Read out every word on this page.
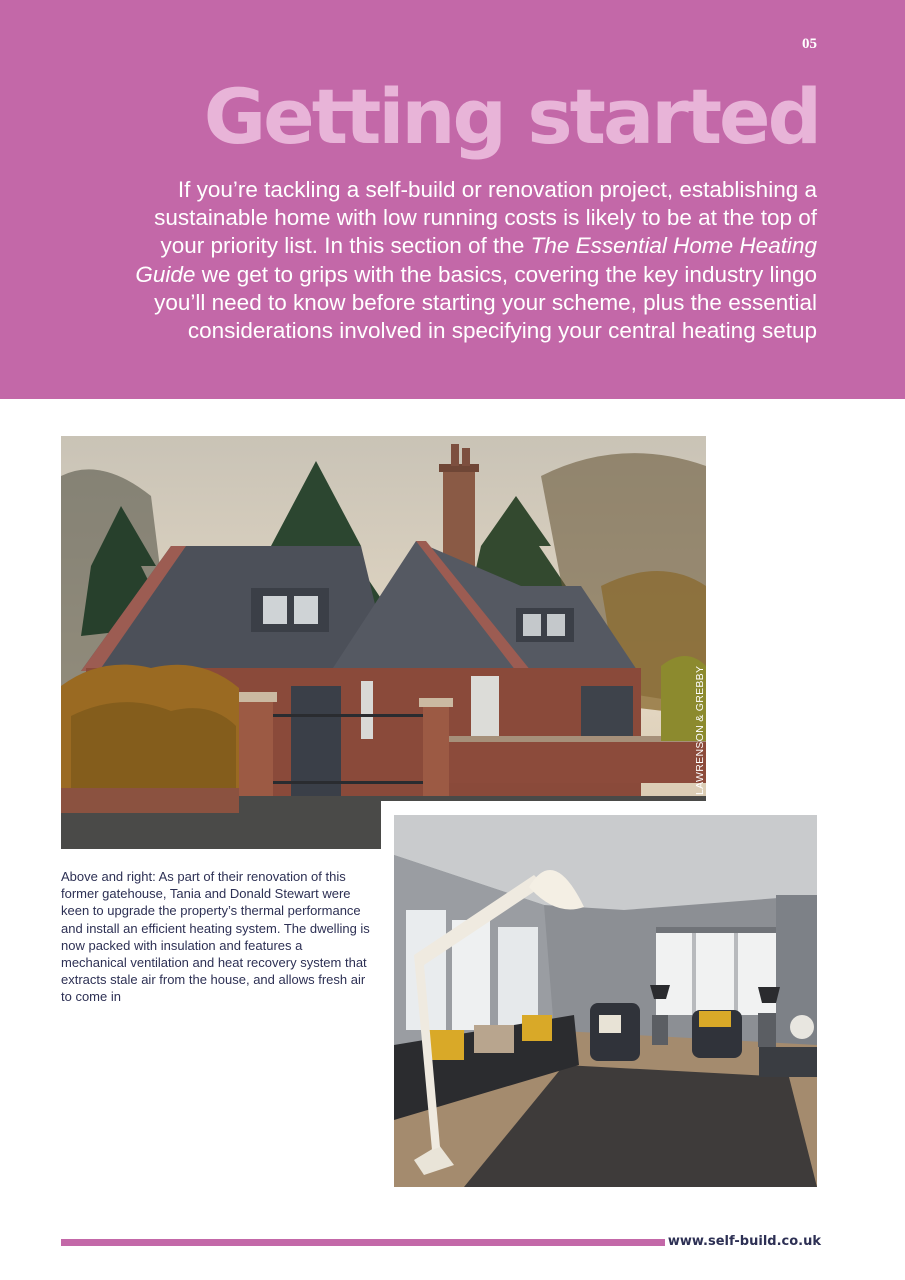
05
Getting started
If you’re tackling a self-build or renovation project, establishing a sustainable home with low running costs is likely to be at the top of your priority list. In this section of the The Essential Home Heating Guide we get to grips with the basics, covering the key industry lingo you’ll need to know before starting your scheme, plus the essential considerations involved in specifying your central heating setup
LAWRENSON & GREBBY
Above and right: As part of their renovation of this former gatehouse, Tania and Donald Stewart were keen to upgrade the property’s thermal performance and install an efficient heating system. The dwelling is now packed with insulation and features a mechanical ventilation and heat recovery system that extracts stale air from the house, and allows fresh air to come in
www.self-build.co.uk
